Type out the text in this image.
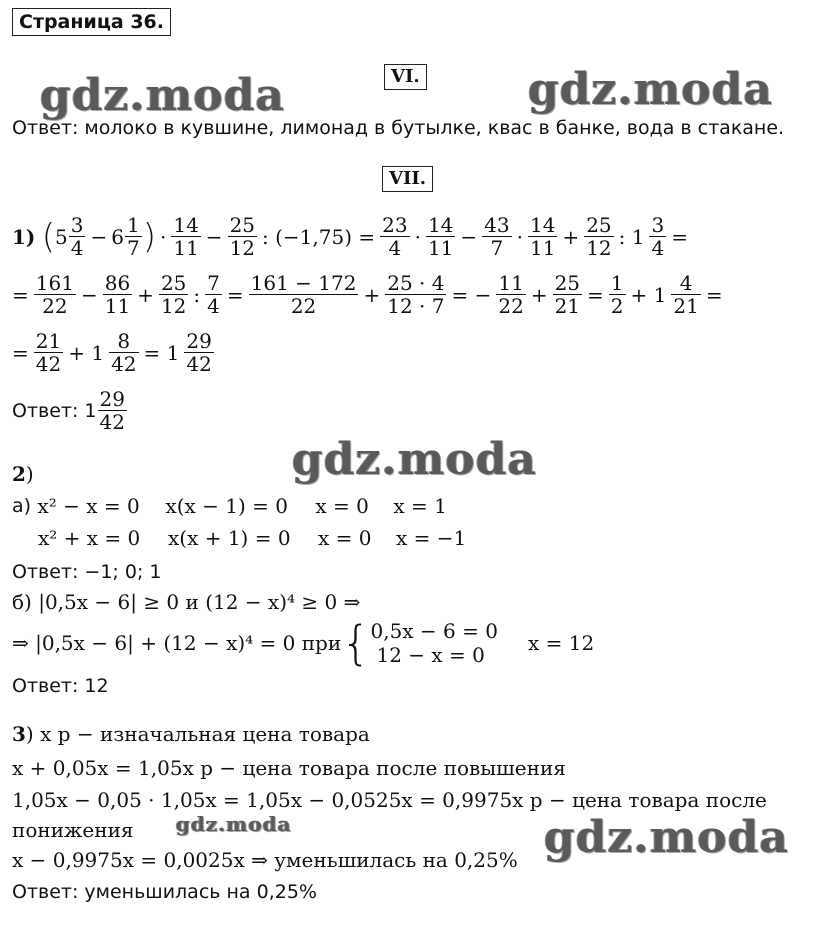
Страница 36.
gdz.moda	gdz.moda
gdz.moda
gdz.moda	gdz.moda
VI.
Ответ: молоко в кувшине, лимонад в бутылке, квас в банке, вода в стакане.
VII.
1)
( $5 \frac{3}{4} - 6 \frac{1}{7}$ ) · $\frac{14}{11} - \frac{25}{12}$ : $(-1,75) = \frac{23}{4} \cdot \frac{14}{11} - \frac{43}{7} \cdot \frac{14}{11} + \frac{25}{12}$ : $1 \frac{3}{4}$ =
= $\frac{161}{22} - \frac{86}{11} + \frac{25}{12}$ : $\frac{7}{4} = \frac{161 - 172}{22} + \frac{25 \cdot 4}{12 \cdot 7}$ = − $\frac{11}{22} + \frac{25}{21} = \frac{1}{2} + 1 \frac{4}{21}$ =
= $\frac{21}{42} + 1 \frac{8}{42} = 1 \frac{29}{42}$
Ответ: $1 \frac{29}{42}$
2)
а)
x² − x = 0	x(x − 1) = 0	x = 0	x = 1
x² + x = 0	x(x + 1) = 0	x = 0	x = −1
Ответ: −1; 0; 1
б) |0,5x − 6| ≥ 0 и (12 − x)⁴ ≥ 0 ⇒
⇒ |0,5x − 6| + (12 − x)⁴ = 0 при { 0,5x − 6 = 0
12 − x = 0	x = 12
Ответ: 12
3) x р − изначальная цена товара
x + 0,05x = 1,05x р − цена товара после повышения
1,05x − 0,05 · 1,05x = 1,05x − 0,0525x = 0,9975x р − цена товара после
понижения
x − 0,9975x = 0,0025x ⇒ уменьшилась на 0,25%
Ответ: уменьшилась на 0,25%
